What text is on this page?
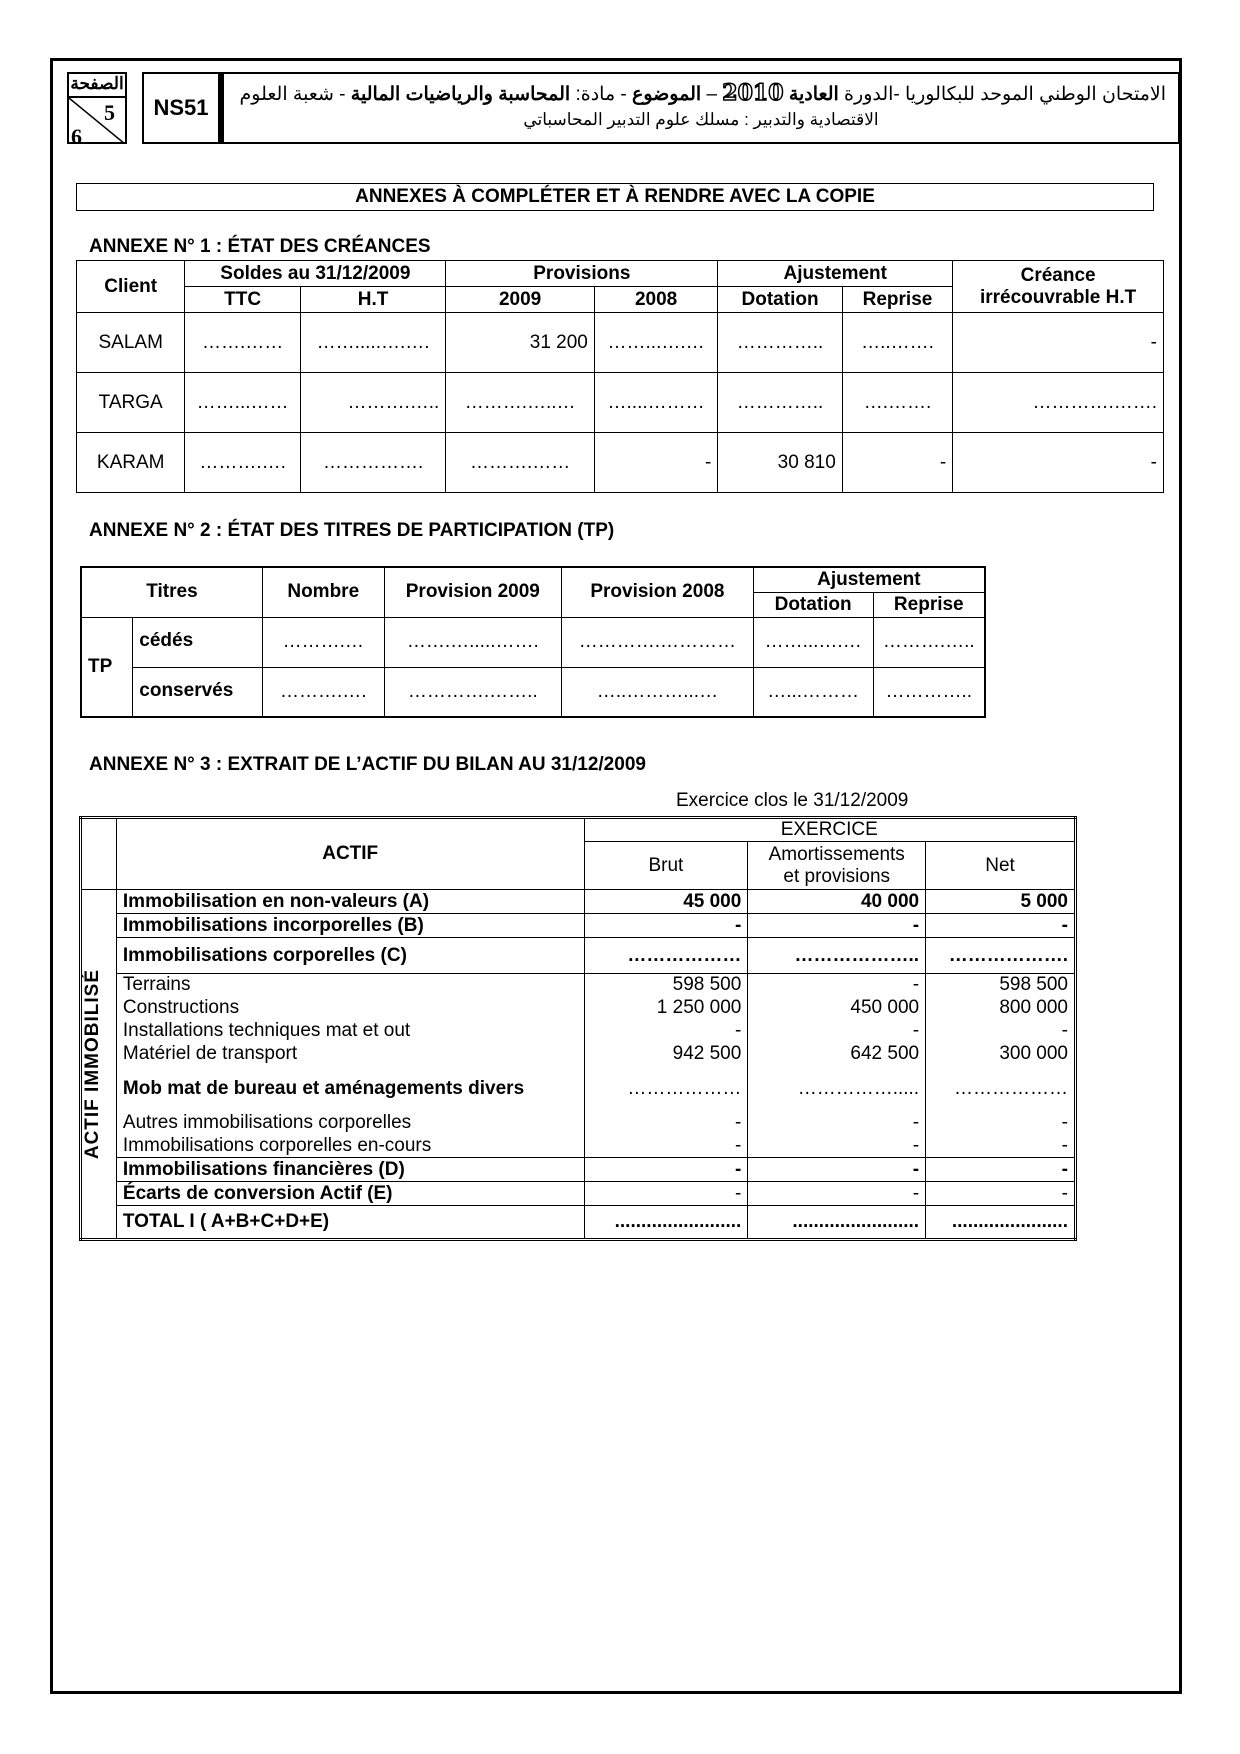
الصفحة
5
6
NS51
الامتحان الوطني الموحد للبكالوريا -الدورة العادية 2010 – الموضوع - مادة: المحاسبة والرياضيات المالية - شعبة العلوم
الاقتصادية والتدبير : مسلك علوم التدبير المحاسباتي
ANNEXES À COMPLÉTER ET À RENDRE AVEC LA COPIE
ANNEXE N° 1 : ÉTAT DES CRÉANCES
Client	Soldes au 31/12/2009		Provisions		Ajustement		Créance
irrécouvrable H.T
	TTC	H.T	2009	2008	Dotation	Reprise	
SALAM	…….……	…….....….….	31 200	……...….…	…………..	…..…….	-
TARGA	……...……	……….…..	……….…..…	…....………	…………..	….…….	………….…….
KARAM	……….….	…………….	……….……	-	30 810	-	-
ANNEXE N° 2 : ÉTAT DES TITRES DE PARTICIPATION (TP)
Titres		Nombre	Provision 2009	Provision 2008	Ajustement	
					Dotation	Reprise
TP	cédés	……….…	…….….....…….	………….…………	……...….…	……….…..
	conservés	……….….	………….……..	…..………...…	…...………	…………..
ANNEXE N° 3 : EXTRAIT DE L’ACTIF DU BILAN AU 31/12/2009
Exercice clos le 31/12/2009
	ACTIF	EXERCICE		
		Brut	Amortissements
et provisions	Net

ACTIF IMMOBILISÉ	Immobilisation en non-valeurs (A)	45 000	40 000	5 000
	Immobilisations incorporelles (B)	-	-	-
	Immobilisations corporelles (C)	………………	………………..	……………….
	Terrains	598 500	-	598 500
	Constructions	1 250 000	450 000	800 000
	Installations techniques mat et out	-	-	-
	Matériel de transport	942 500	642 500	300 000
	Mob mat de bureau et aménagements divers	………………	…………….....	………………
	Autres immobilisations corporelles	-	-	-
	Immobilisations corporelles en-cours	-	-	-
	Immobilisations financières (D)	-	-	-
	Écarts de conversion Actif (E)	-	-	-
	TOTAL I ( A+B+C+D+E)	........................	........................	......................
